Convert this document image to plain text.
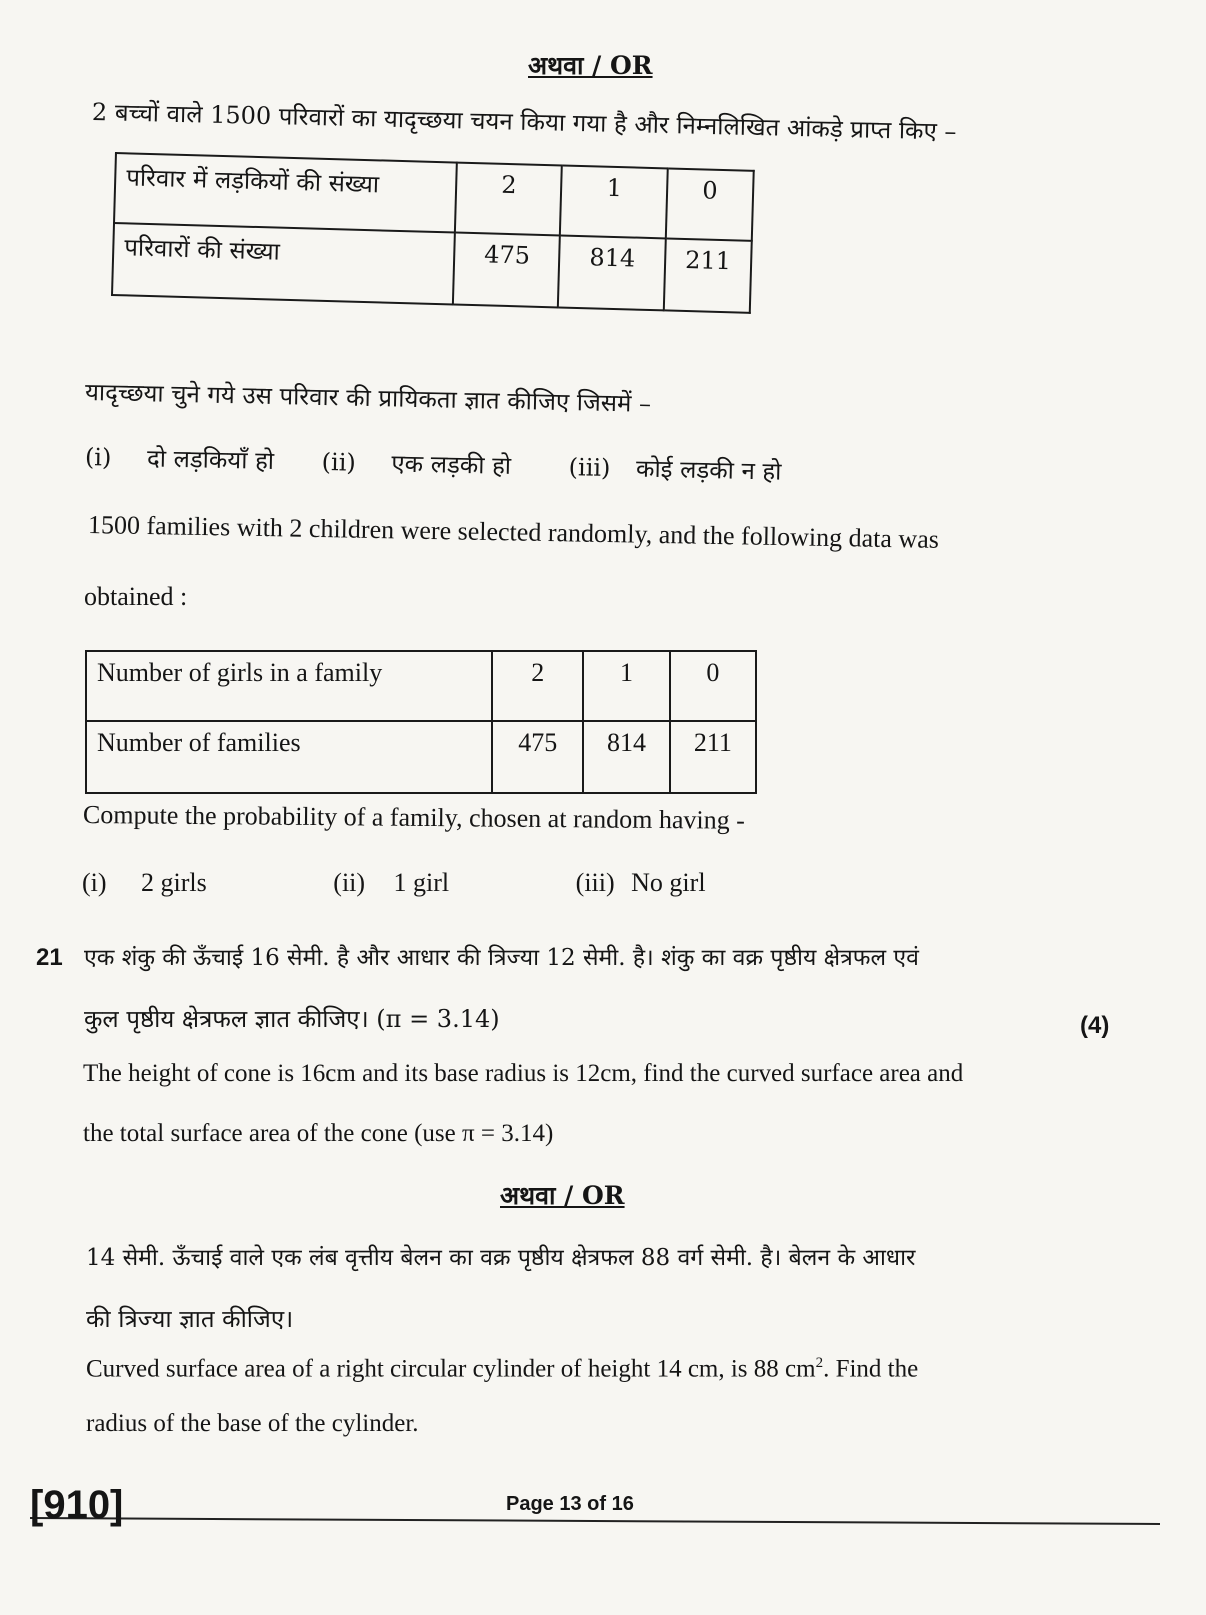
अथवा / OR
2 बच्चों वाले 1500 परिवारों का यादृच्छया चयन किया गया है और निम्नलिखित आंकड़े प्राप्त किए –
परिवार में लड़कियों की संख्या	2	1	0
परिवारों की संख्या	475	814	211
यादृच्छया चुने गये उस परिवार की प्रायिकता ज्ञात कीजिए जिसमें –
(i) दो लड़कियाँ हो (ii) एक लड़की हो (iii) कोई लड़की न हो
1500 families with 2 children were selected randomly, and the following data was
obtained :
Number of girls in a family	2	1	0
Number of families	475	814	211
Compute the probability of a family, chosen at random having -
(i) 2 girls	(ii) 1 girl	(iii) No girl
21 एक शंकु की ऊँचाई 16 सेमी. है और आधार की त्रिज्या 12 सेमी. है। शंकु का वक्र पृष्ठीय क्षेत्रफल एवं
कुल पृष्ठीय क्षेत्रफल ज्ञात कीजिए। (π = 3.14)	(4)
The height of cone is 16cm and its base radius is 12cm, find the curved surface area and
the total surface area of the cone (use π = 3.14)
अथवा / OR
14 सेमी. ऊँचाई वाले एक लंब वृत्तीय बेलन का वक्र पृष्ठीय क्षेत्रफल 88 वर्ग सेमी. है। बेलन के आधार
की त्रिज्या ज्ञात कीजिए।
Curved surface area of a right circular cylinder of height 14 cm, is 88 $cm^2$. Find the
radius of the base of the cylinder.
[910]	Page 13 of 16
